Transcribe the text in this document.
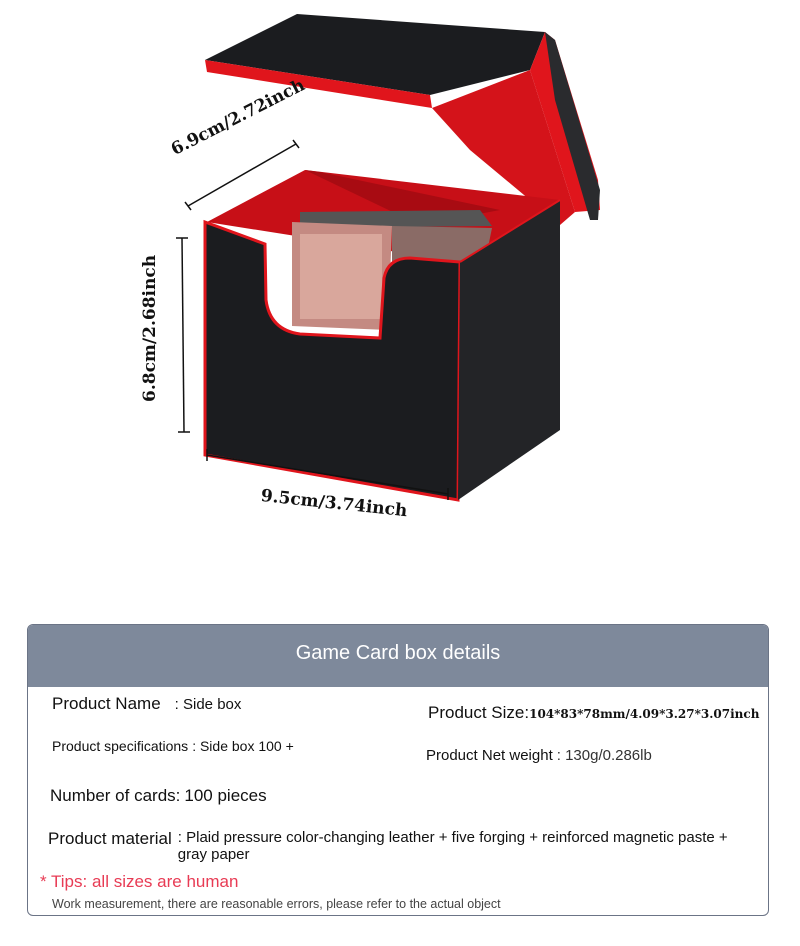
6.9cm/2.72inch
6.8cm/2.68inch
9.5cm/3.74inch
Game Card box details
Product Name : Side box	Product Size:104*83*78mm/4.09*3.27*3.07inch
Product specifications : Side box 100 +
Product Net weight : 130g/0.286lb
Number of cards: 100 pieces
Product material : Plaid pressure color-changing leather + five forging + reinforced magnetic paste + gray paper
* Tips: all sizes are human
Work measurement, there are reasonable errors, please refer to the actual object
